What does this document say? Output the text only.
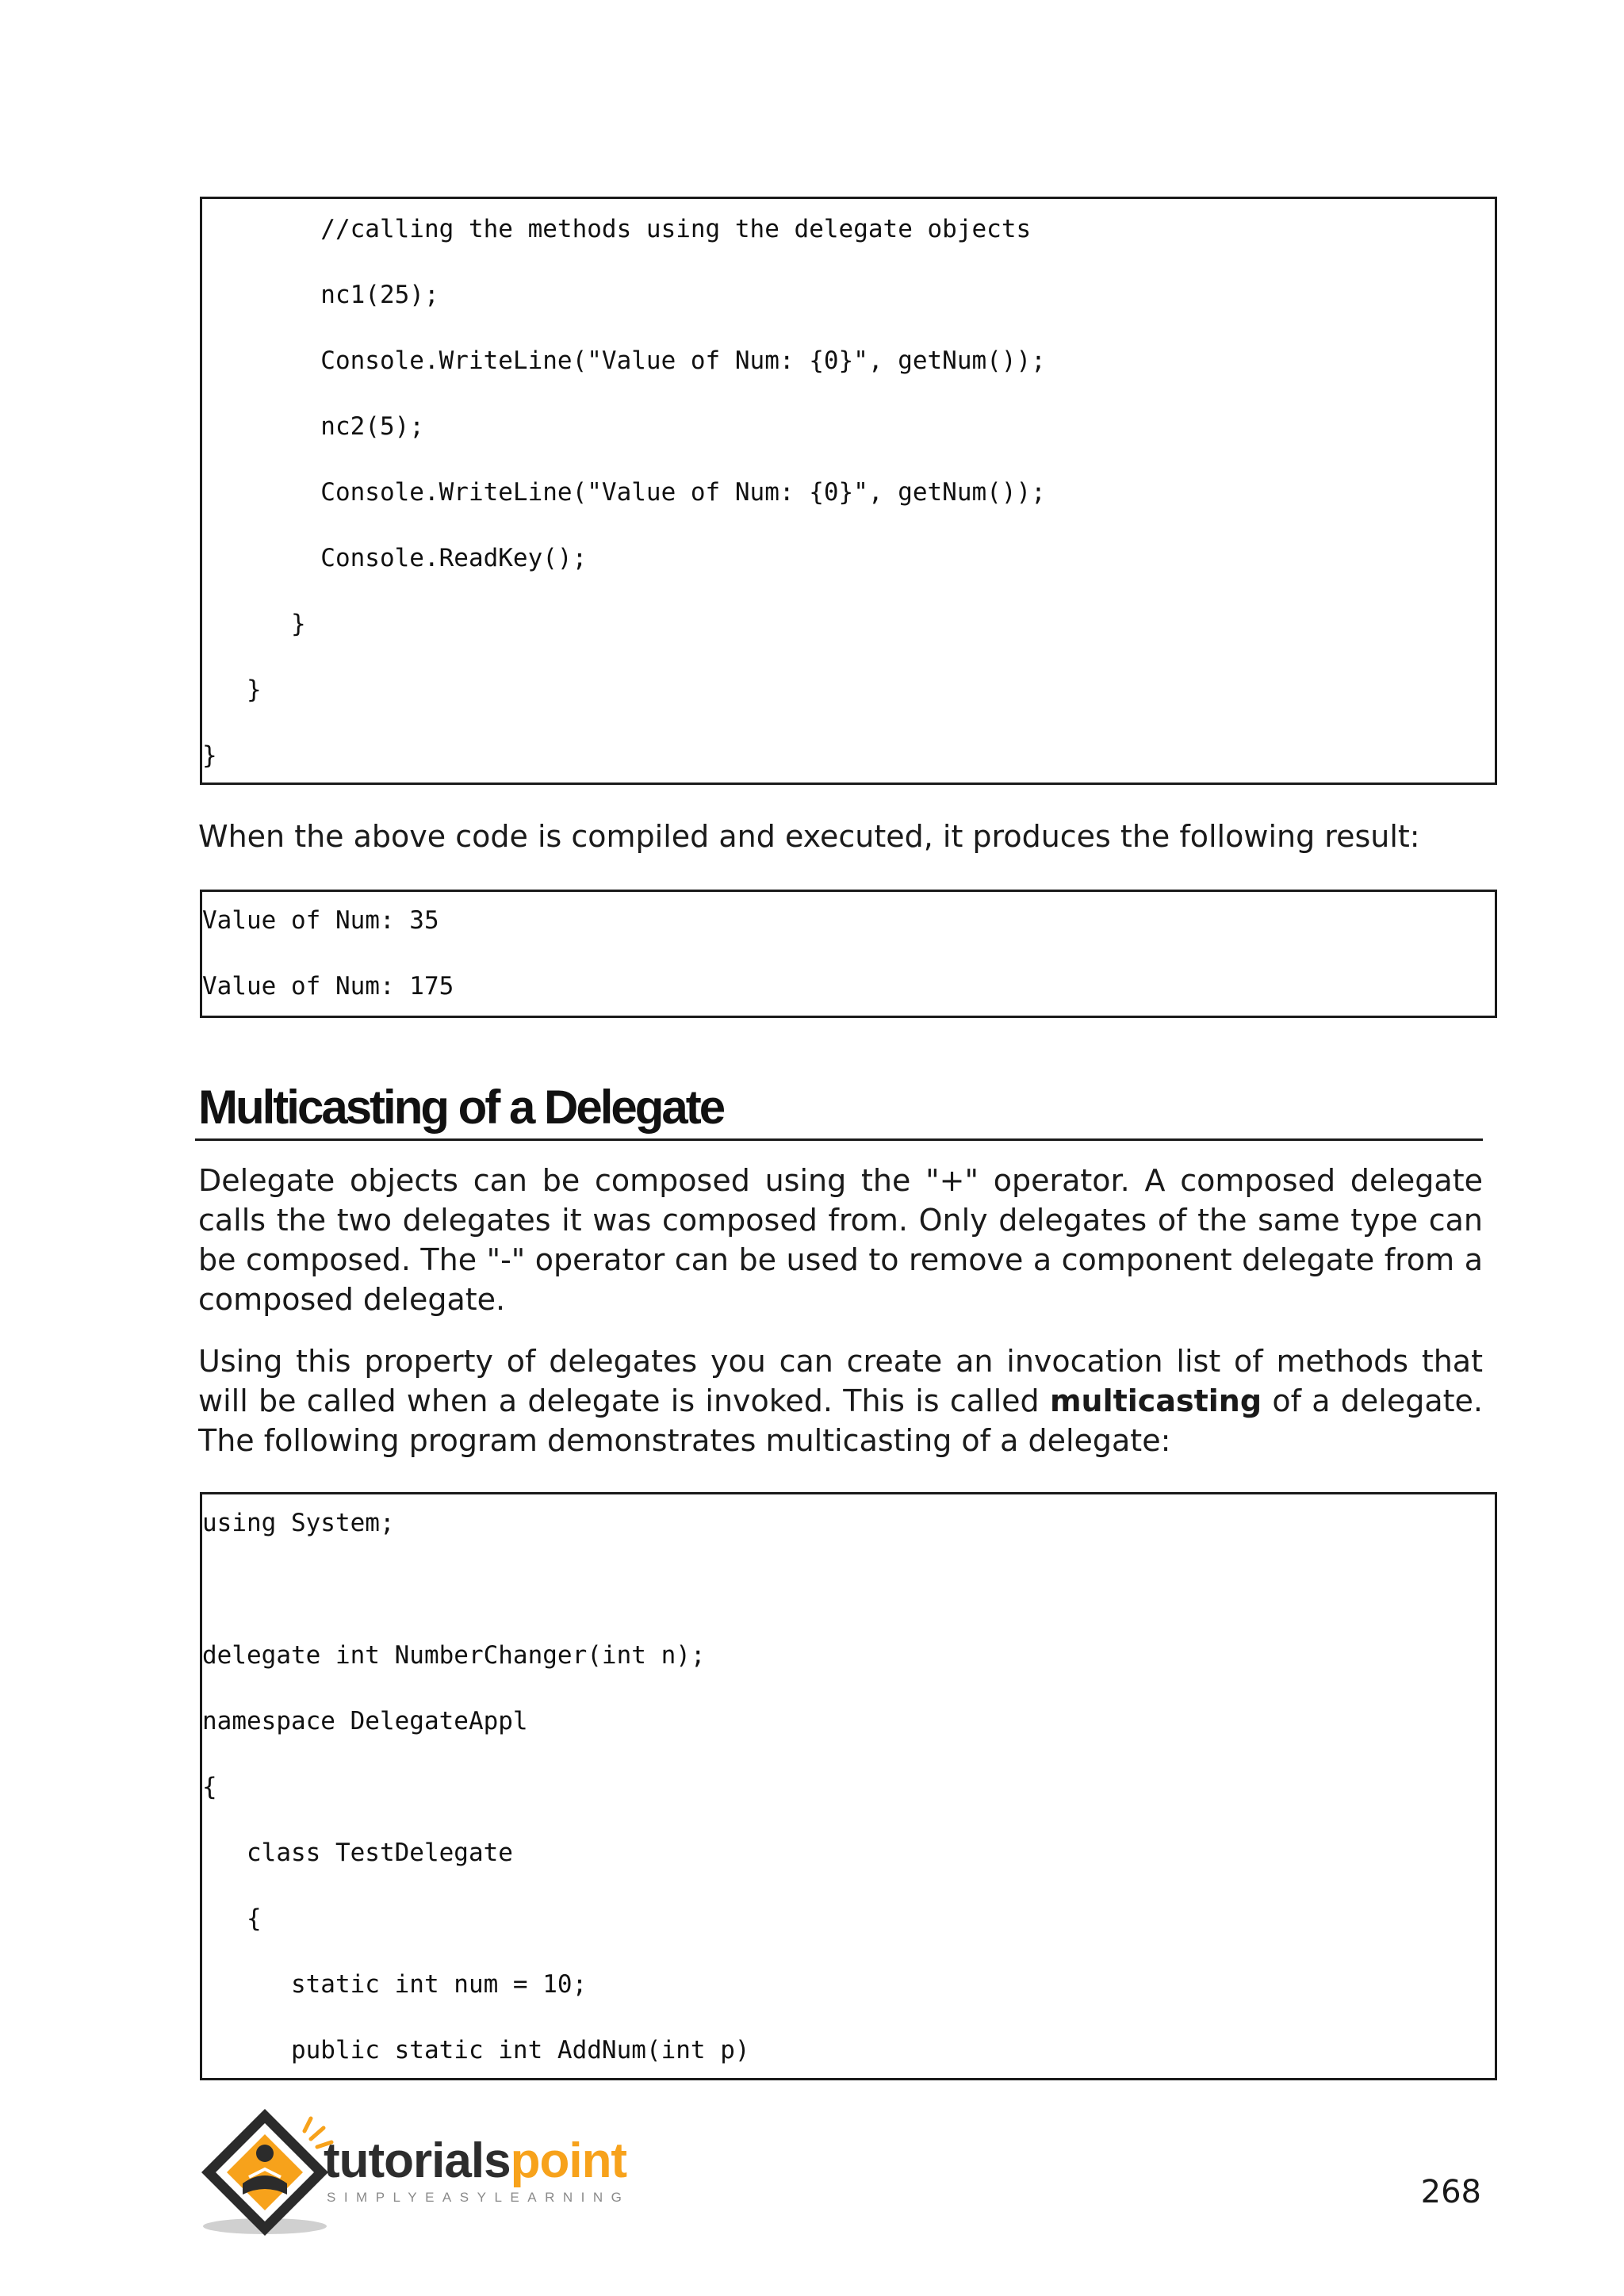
//calling the methods using the delegate objects
nc1(25);
Console.WriteLine("Value of Num: {0}", getNum());
nc2(5);
Console.WriteLine("Value of Num: {0}", getNum());
Console.ReadKey();
}
}
}

When the above code is compiled and executed, it produces the following result:

Value of Num: 35
Value of Num: 175
Multicasting of a Delegate

Delegate objects can be composed using the "+" operator. A composed delegate calls the two delegates it was composed from. Only delegates of the same type can be composed. The "-" operator can be used to remove a component delegate from a composed delegate.

Using this property of delegates you can create an invocation list of methods that will be called when a delegate is invoked. This is called multicasting of a delegate. The following program demonstrates multicasting of a delegate:

using System;
delegate int NumberChanger(int n);
namespace DelegateAppl
{
class TestDelegate
{
static int num = 10;
public static int AddNum(int p)
tutorialspoint
SIMPLYEASYLEARNING	268
